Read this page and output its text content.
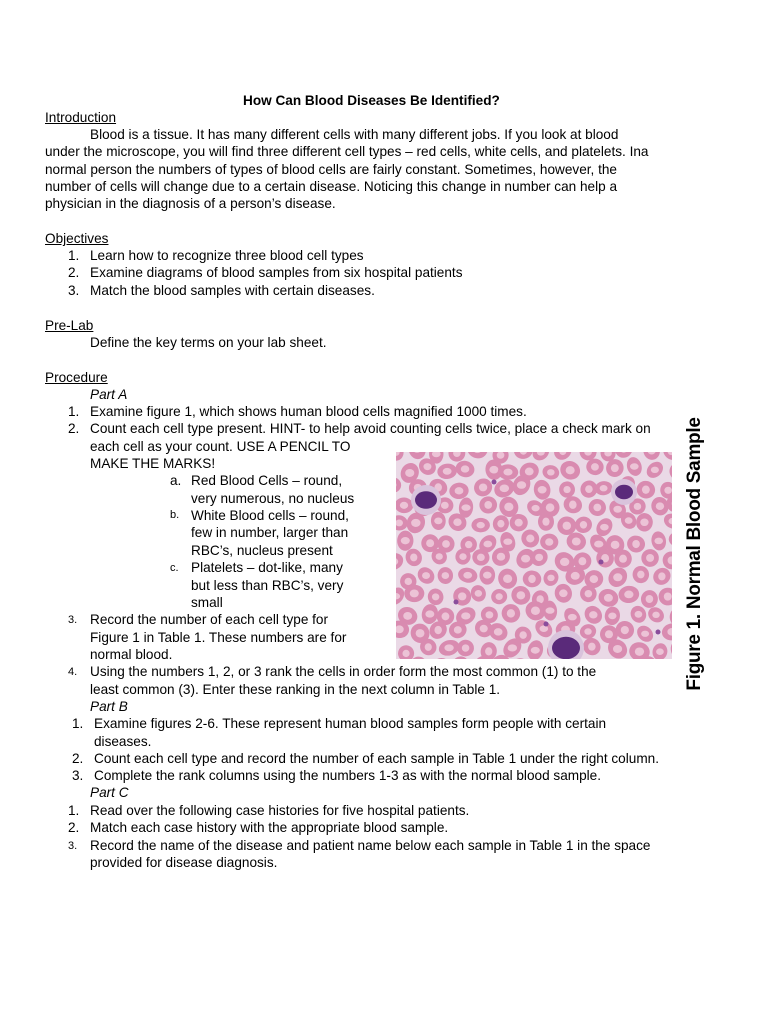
How Can Blood Diseases Be Identified?
Introduction
Blood is a tissue. It has many different cells with many different jobs. If you look at blood
under the microscope, you will find three different cell types – red cells, white cells, and platelets. Ina
normal person the numbers of types of blood cells are fairly constant. Sometimes, however, the
number of cells will change due to a certain disease. Noticing this change in number can help a
physician in the diagnosis of a person’s disease.
Objectives
1. Learn how to recognize three blood cell types
2. Examine diagrams of blood samples from six hospital patients
3. Match the blood samples with certain diseases.
Pre-Lab
Define the key terms on your lab sheet.
Procedure
Part A
1. Examine figure 1, which shows human blood cells magnified 1000 times.
2. Count each cell type present. HINT- to help avoid counting cells twice, place a check mark on
each cell as your count. USE A PENCIL TO
MAKE THE MARKS!
a. Red Blood Cells – round,
very numerous, no nucleus
b. White Blood cells – round,
few in number, larger than
RBC’s, nucleus present
c. Platelets – dot-like, many
but less than RBC’s, very
small
3. Record the number of each cell type for
Figure 1 in Table 1. These numbers are for
normal blood.
4. Using the numbers 1, 2, or 3 rank the cells in order form the most common (1) to the
least common (3). Enter these ranking in the next column in Table 1.
Part B
1. Examine figures 2-6. These represent human blood samples form people with certain
diseases.
2. Count each cell type and record the number of each sample in Table 1 under the right column.
3. Complete the rank columns using the numbers 1-3 as with the normal blood sample.
Part C
1. Read over the following case histories for five hospital patients.
2. Match each case history with the appropriate blood sample.
3. Record the name of the disease and patient name below each sample in Table 1 in the space
provided for disease diagnosis.
Figure 1. Normal Blood Sample
